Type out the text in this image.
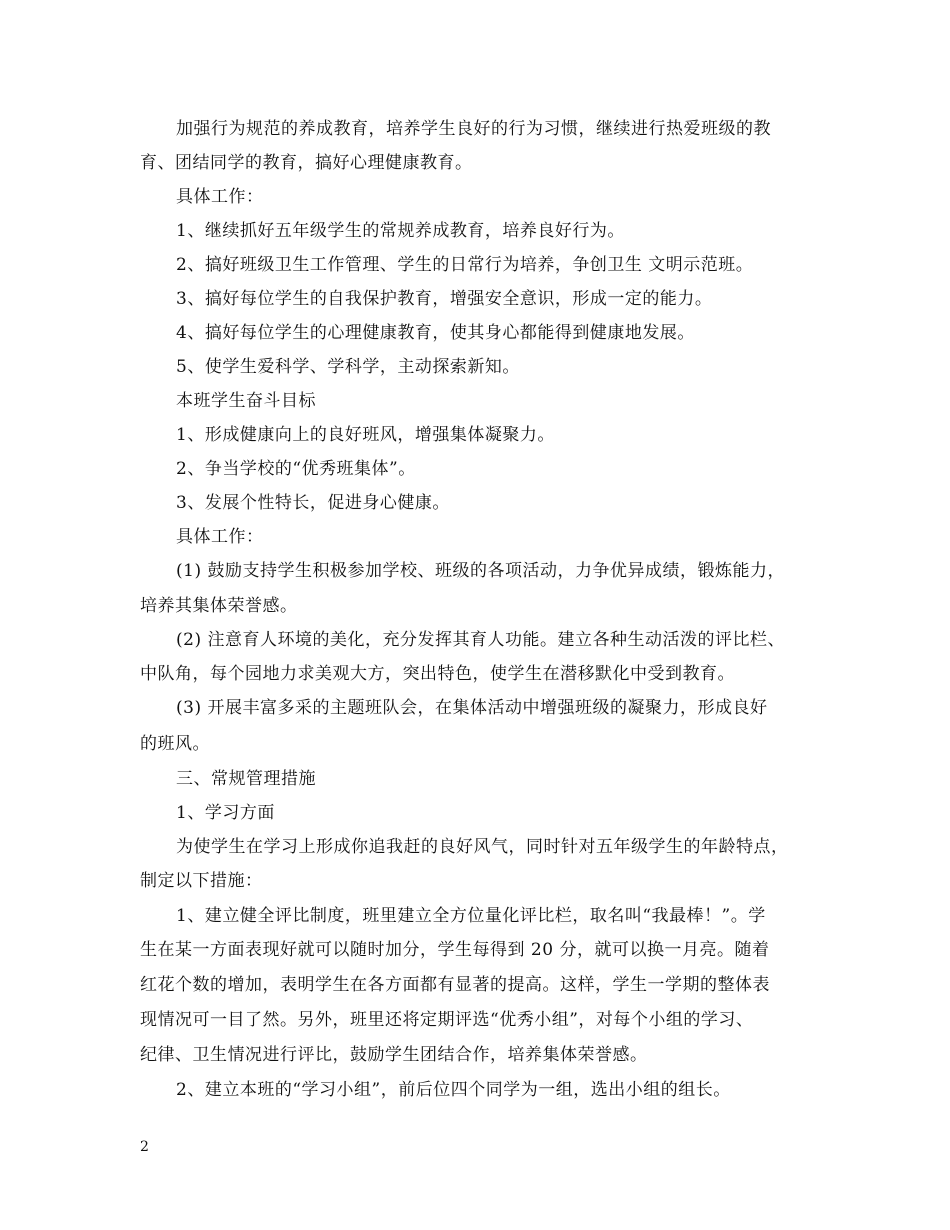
加强行为规范的养成教育，培养学生良好的行为习惯，继续进行热爱班级的教
育、团结同学的教育，搞好心理健康教育。
具体工作：
1、继续抓好五年级学生的常规养成教育，培养良好行为。
2、搞好班级卫生工作管理、学生的日常行为培养，争创卫生 文明示范班。
3、搞好每位学生的自我保护教育，增强安全意识，形成一定的能力。
4、搞好每位学生的心理健康教育，使其身心都能得到健康地发展。
5、使学生爱科学、学科学，主动探索新知。
本班学生奋斗目标
1、形成健康向上的良好班风，增强集体凝聚力。
2、争当学校的“优秀班集体”。
3、发展个性特长，促进身心健康。
具体工作：
(1) 鼓励支持学生积极参加学校、班级的各项活动，力争优异成绩，锻炼能力，
培养其集体荣誉感。
(2) 注意育人环境的美化，充分发挥其育人功能。建立各种生动活泼的评比栏、
中队角，每个园地力求美观大方，突出特色，使学生在潜移默化中受到教育。
(3) 开展丰富多采的主题班队会，在集体活动中增强班级的凝聚力，形成良好
的班风。
三、常规管理措施
1、学习方面
为使学生在学习上形成你追我赶的良好风气，同时针对五年级学生的年龄特点，
制定以下措施：
1、建立健全评比制度，班里建立全方位量化评比栏，取名叫“我最棒！”。学
生在某一方面表现好就可以随时加分，学生每得到 20 分，就可以换一月亮。随着
红花个数的增加，表明学生在各方面都有显著的提高。这样，学生一学期的整体表
现情况可一目了然。另外，班里还将定期评选“优秀小组”，对每个小组的学习、
纪律、卫生情况进行评比，鼓励学生团结合作，培养集体荣誉感。
2、建立本班的“学习小组”，前后位四个同学为一组，选出小组的组长。
2
